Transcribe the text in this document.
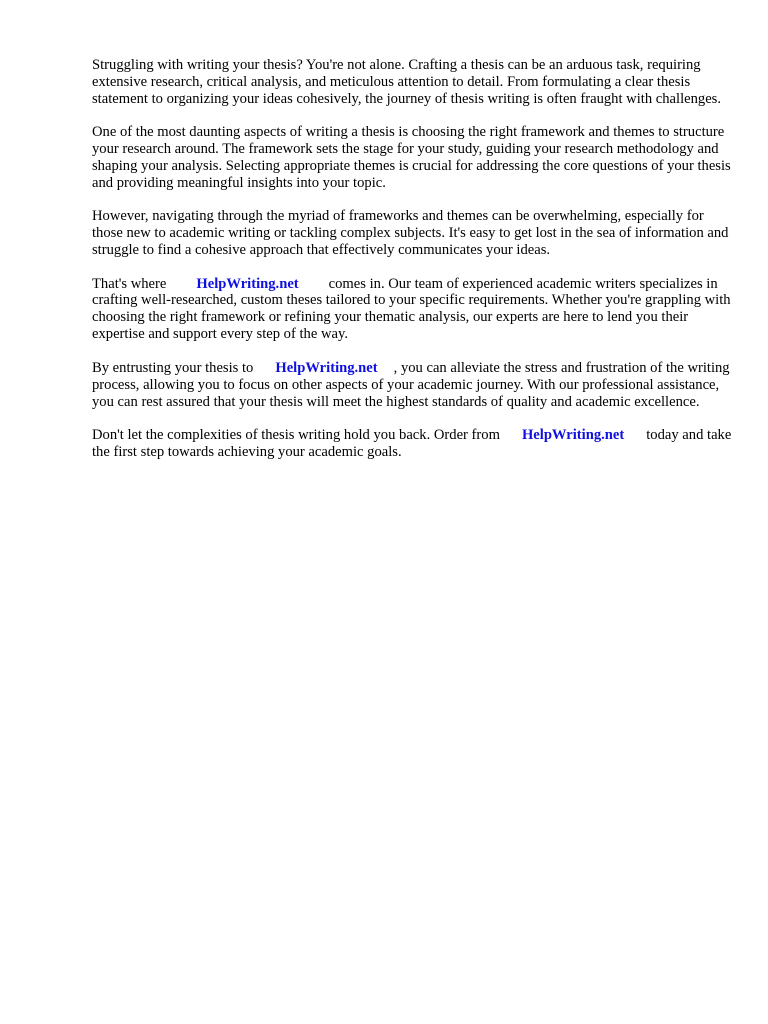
Struggling with writing your thesis? You're not alone. Crafting a thesis can be an arduous task, requiring extensive research, critical analysis, and meticulous attention to detail. From formulating a clear thesis statement to organizing your ideas cohesively, the journey of thesis writing is often fraught with challenges.

One of the most daunting aspects of writing a thesis is choosing the right framework and themes to structure your research around. The framework sets the stage for your study, guiding your research methodology and shaping your analysis. Selecting appropriate themes is crucial for addressing the core questions of your thesis and providing meaningful insights into your topic.

However, navigating through the myriad of frameworks and themes can be overwhelming, especially for those new to academic writing or tackling complex subjects. It's easy to get lost in the sea of information and struggle to find a cohesive approach that effectively communicates your ideas.

That's where HelpWriting.net comes in. Our team of experienced academic writers specializes in crafting well-researched, custom theses tailored to your specific requirements. Whether you're grappling with choosing the right framework or refining your thematic analysis, our experts are here to lend you their expertise and support every step of the way.

By entrusting your thesis to HelpWriting.net , you can alleviate the stress and frustration of the writing process, allowing you to focus on other aspects of your academic journey. With our professional assistance, you can rest assured that your thesis will meet the highest standards of quality and academic excellence.

Don't let the complexities of thesis writing hold you back. Order from HelpWriting.net today and take the first step towards achieving your academic goals.
